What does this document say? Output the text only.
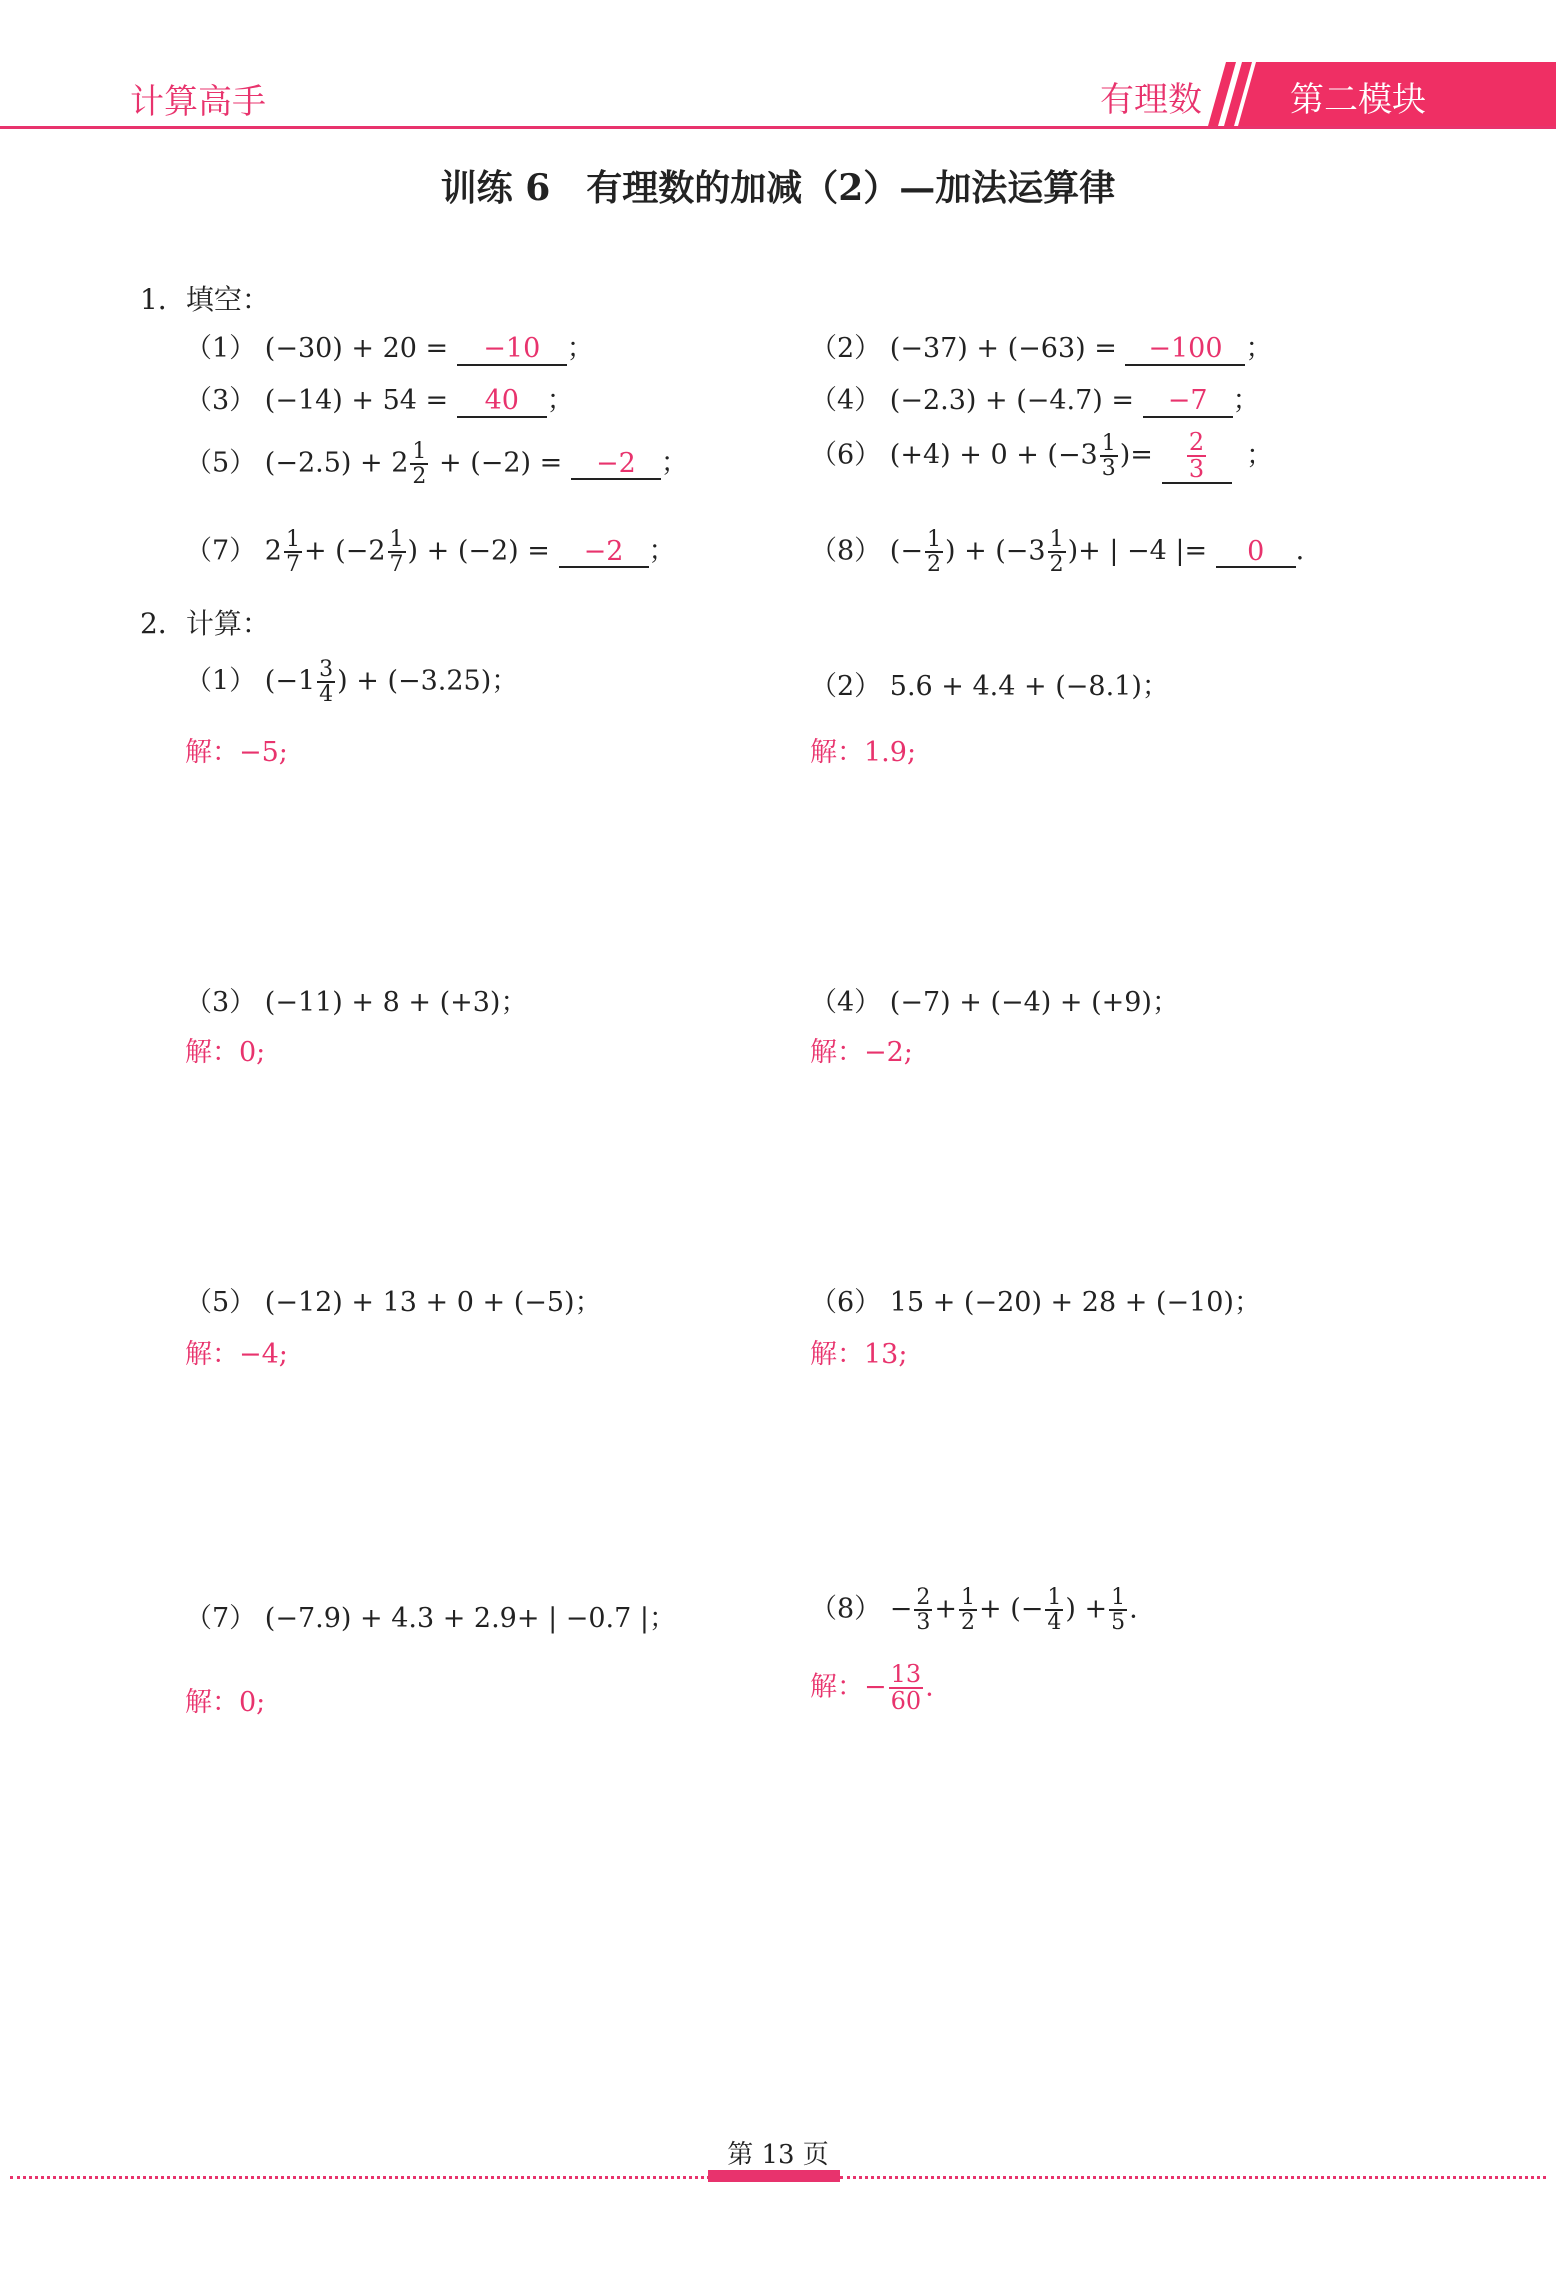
计算高手	有理数	第二模块
训练 6　有理数的加减（2）—加法运算律
1．填空：
（1） (−30) + 20 = −10 ；	（2） (−37) + (−63) = −100 ；
（3） (−14) + 54 = 40 ；	（4） (−2.3) + (−4.7) = −7 ；
（5） $(-2.5) + 2 \frac{1}{2} + (-2) = -2$ ；	（6） $(+4) + 0 + (-3 \frac{1}{3}$ )= $\frac{2}{3}$ ；
（7） $2 \frac{1}{7} + (-2 \frac{1}{7}$ ) + (−2) = −2 ；	（8） (− $\frac{1}{2}$ ) + ($-3 \frac{1}{2}$ )+ | −4 |= 0 ．
2．计算：
（1） ($-1 \frac{3}{4}$ ) + (−3.25)；
解：−5;
（2） 5.6 + 4.4 + (−8.1)；
解：1.9;
（3） (−11) + 8 + (+3)；
解：0;
（4） (−7) + (−4) + (+9)；
解：−2;
（5） (−12) + 13 + 0 + (−5)；
解：−4;
（6） 15 + (−20) + 28 + (−10)；
解：13;
（7） (−7.9) + 4.3 + 2.9+ | −0.7 |；
解：0;
$(8) - \frac{2}{3} + \frac{1}{2}$ + (− $\frac{1}{4}$ ) + $\frac{1}{5}$ .
解：− $\frac{13}{60}$ .
第 13 页
